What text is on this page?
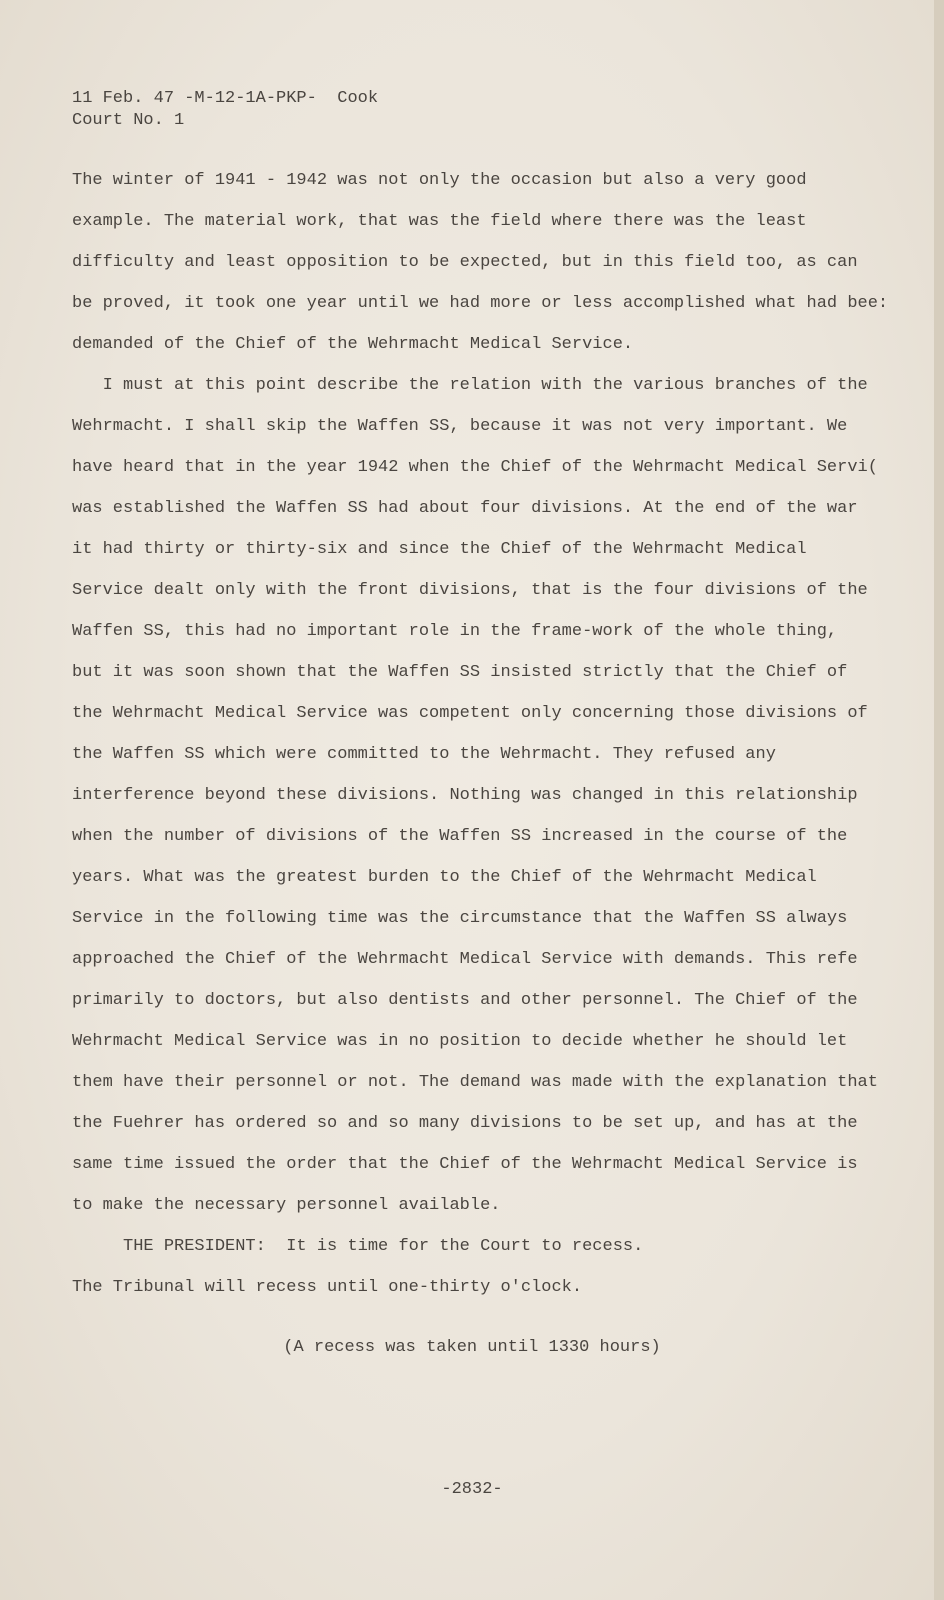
11 Feb. 47 -M-12-1A-PKP-  Cook
Court No. 1
The winter of 1941 - 1942 was not only the occasion but also a very good
example. The material work, that was the field where there was the least
difficulty and least opposition to be expected, but in this field too, as can
be proved, it took one year until we had more or less accomplished what had bee:
demanded of the Chief of the Wehrmacht Medical Service.
I must at this point describe the relation with the various branches of the
Wehrmacht. I shall skip the Waffen SS, because it was not very important. We
have heard that in the year 1942 when the Chief of the Wehrmacht Medical Servi(
was established the Waffen SS had about four divisions. At the end of the war
it had thirty or thirty-six and since the Chief of the Wehrmacht Medical
Service dealt only with the front divisions, that is the four divisions of the
Waffen SS, this had no important role in the frame-work of the whole thing,
but it was soon shown that the Waffen SS insisted strictly that the Chief of
the Wehrmacht Medical Service was competent only concerning those divisions of
the Waffen SS which were committed to the Wehrmacht. They refused any
interference beyond these divisions. Nothing was changed in this relationship
when the number of divisions of the Waffen SS increased in the course of the
years. What was the greatest burden to the Chief of the Wehrmacht Medical
Service in the following time was the circumstance that the Waffen SS always
approached the Chief of the Wehrmacht Medical Service with demands. This refe
primarily to doctors, but also dentists and other personnel. The Chief of the
Wehrmacht Medical Service was in no position to decide whether he should let
them have their personnel or not. The demand was made with the explanation that
the Fuehrer has ordered so and so many divisions to be set up, and has at the
same time issued the order that the Chief of the Wehrmacht Medical Service is
to make the necessary personnel available.
THE PRESIDENT:  It is time for the Court to recess.
The Tribunal will recess until one-thirty o'clock.
(A recess was taken until 1330 hours)
-2832-
